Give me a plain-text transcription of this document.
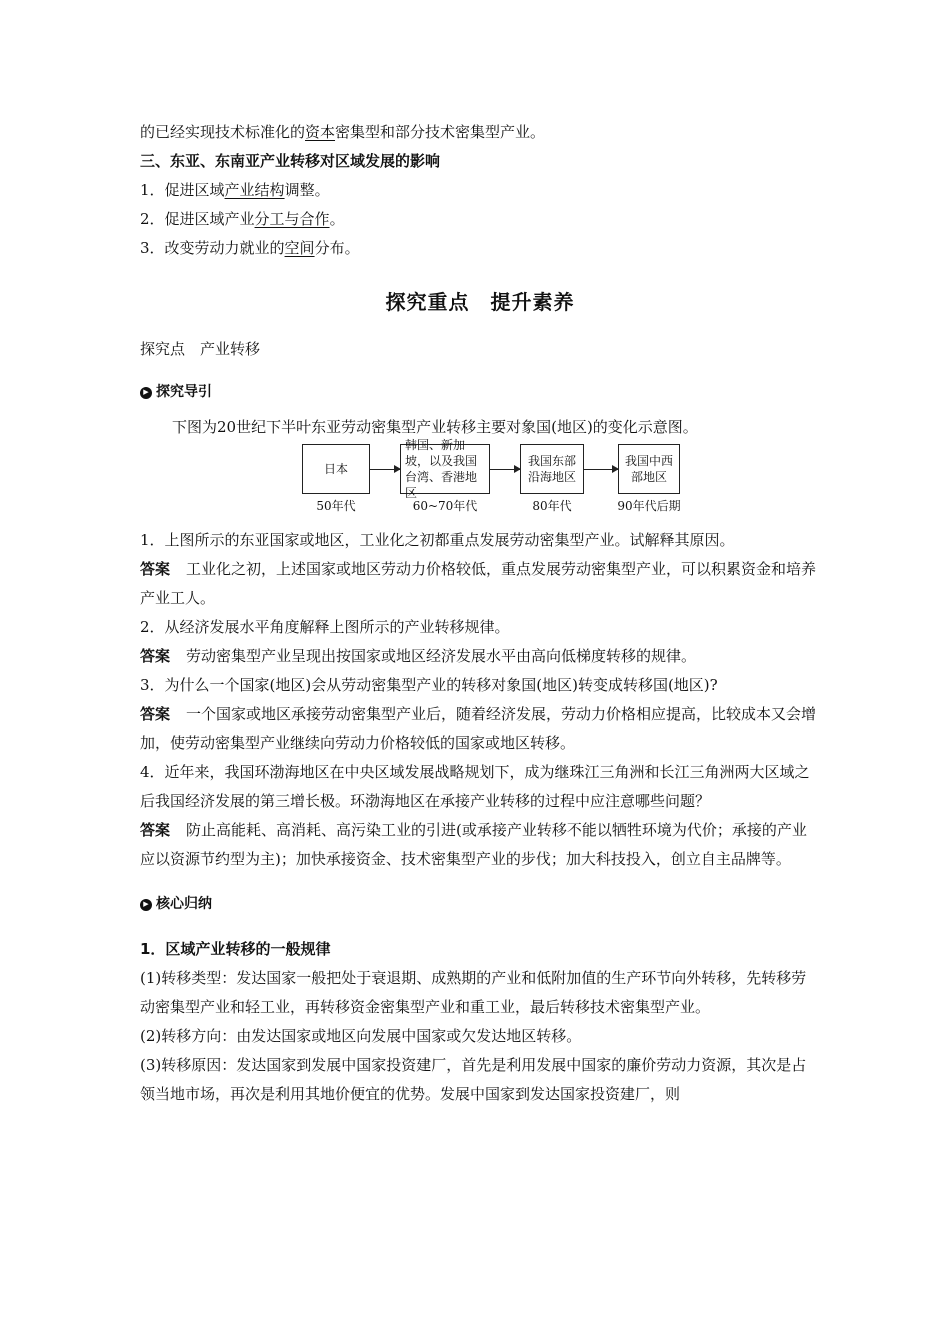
的已经实现技术标准化的资本密集型和部分技术密集型产业。

三、东亚、东南亚产业转移对区域发展的影响

1．促进区域产业结构调整。

2．促进区域产业分工与合作。

3．改变劳动力就业的空间分布。

探究重点　提升素养
探究点　产业转移
▶ 探究导引

下图为20世纪下半叶东亚劳动密集型产业转移主要对象国(地区)的变化示意图。

日本
韩国、新加坡，以及我国台湾、香港地区
我国东部沿海地区
我国中西部地区
50年代	60~70年代	80年代	90年代后期

1．上图所示的东亚国家或地区，工业化之初都重点发展劳动密集型产业。试解释其原因。

答案 工业化之初，上述国家或地区劳动力价格较低，重点发展劳动密集型产业，可以积累资金和培养产业工人。

2．从经济发展水平角度解释上图所示的产业转移规律。

答案 劳动密集型产业呈现出按国家或地区经济发展水平由高向低梯度转移的规律。

3．为什么一个国家(地区)会从劳动密集型产业的转移对象国(地区)转变成转移国(地区)?

答案 一个国家或地区承接劳动密集型产业后，随着经济发展，劳动力价格相应提高，比较成本又会增加，使劳动密集型产业继续向劳动力价格较低的国家或地区转移。

4．近年来，我国环渤海地区在中央区域发展战略规划下，成为继珠江三角洲和长江三角洲两大区域之后我国经济发展的第三增长极。环渤海地区在承接产业转移的过程中应注意哪些问题？

答案 防止高能耗、高消耗、高污染工业的引进(或承接产业转移不能以牺牲环境为代价；承接的产业应以资源节约型为主)；加快承接资金、技术密集型产业的步伐；加大科技投入，创立自主品牌等。

▶ 核心归纳

1．区域产业转移的一般规律

(1)转移类型：发达国家一般把处于衰退期、成熟期的产业和低附加值的生产环节向外转移，先转移劳动密集型产业和轻工业，再转移资金密集型产业和重工业，最后转移技术密集型产业。

(2)转移方向：由发达国家或地区向发展中国家或欠发达地区转移。

(3)转移原因：发达国家到发展中国家投资建厂，首先是利用发展中国家的廉价劳动力资源，其次是占领当地市场，再次是利用其地价便宜的优势。发展中国家到发达国家投资建厂，则
